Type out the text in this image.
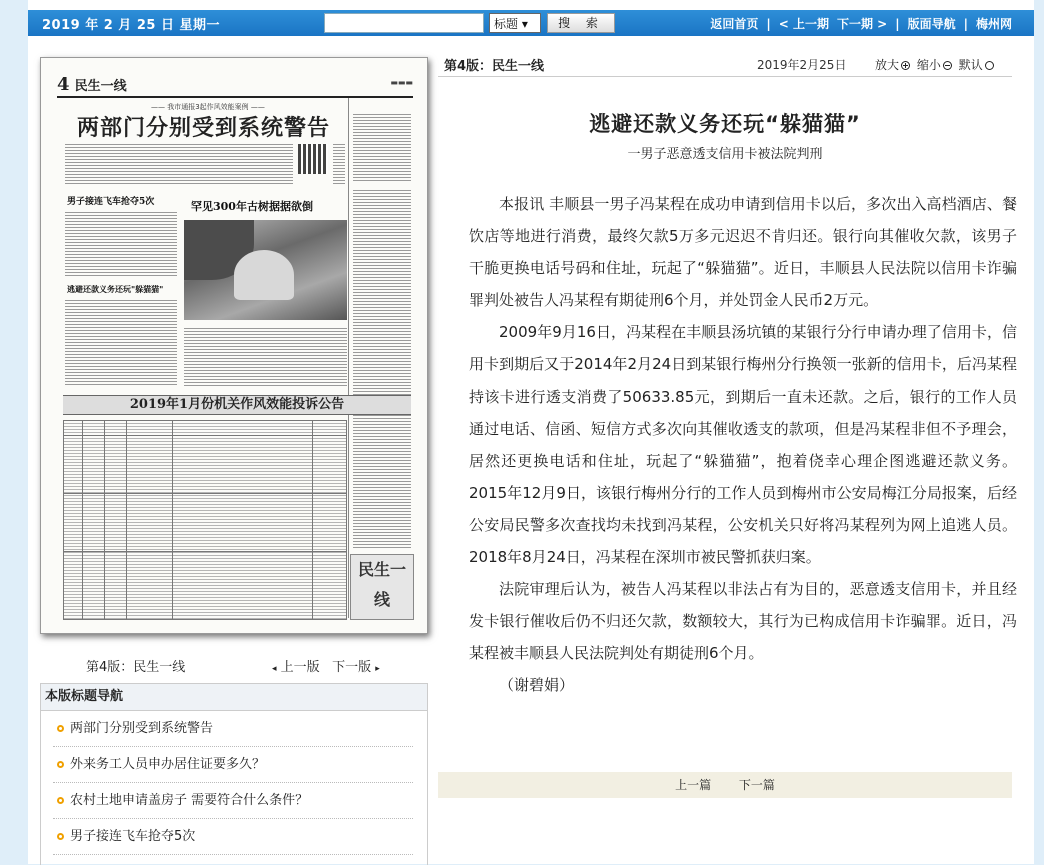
2019 年 2 月 25 日 星期一	标题 ▾	搜 索	返回首页 | < 上一期 下一期 > | 版面导航 | 梅州网
4 民生一线	▬▬▬
—— 我市通报3起作风效能案例 ——
两部门分别受到系统警告
男子接连飞车抢夺5次
逃避还款义务还玩"躲猫猫"
罕见300年古树据据欲倒
2019年1月份机关作风效能投诉公告
民生一线
第4版：民生一线	◂ 上一版 下一版 ▸
本版标题导航
两部门分别受到系统警告
外来务工人员申办居住证要多久？
农村土地申请盖房子 需要符合什么条件？
男子接连飞车抢夺5次
第4版：民生一线	2019年2月25日 放大 缩小 默认
逃避还款义务还玩“躲猫猫”
一男子恶意透支信用卡被法院判刑

本报讯 丰顺县一男子冯某程在成功申请到信用卡以后，多次出入高档酒店、餐饮店等地进行消费，最终欠款5万多元迟迟不肯归还。银行向其催收欠款，该男子干脆更换电话号码和住址，玩起了“躲猫猫”。近日，丰顺县人民法院以信用卡诈骗罪判处被告人冯某程有期徒刑6个月，并处罚金人民币2万元。

2009年9月16日，冯某程在丰顺县汤坑镇的某银行分行申请办理了信用卡，信用卡到期后又于2014年2月24日到某银行梅州分行换领一张新的信用卡，后冯某程持该卡进行透支消费了50633.85元，到期后一直未还款。之后，银行的工作人员通过电话、信函、短信方式多次向其催收透支的款项，但是冯某程非但不予理会，居然还更换电话和住址，玩起了“躲猫猫”，抱着侥幸心理企图逃避还款义务。2015年12月9日，该银行梅州分行的工作人员到梅州市公安局梅江分局报案，后经公安局民警多次查找均未找到冯某程，公安机关只好将冯某程列为网上追逃人员。2018年8月24日，冯某程在深圳市被民警抓获归案。

法院审理后认为，被告人冯某程以非法占有为目的，恶意透支信用卡，并且经发卡银行催收后仍不归还欠款，数额较大，其行为已构成信用卡诈骗罪。近日，冯某程被丰顺县人民法院判处有期徒刑6个月。

（谢碧娟）

上一篇 下一篇
